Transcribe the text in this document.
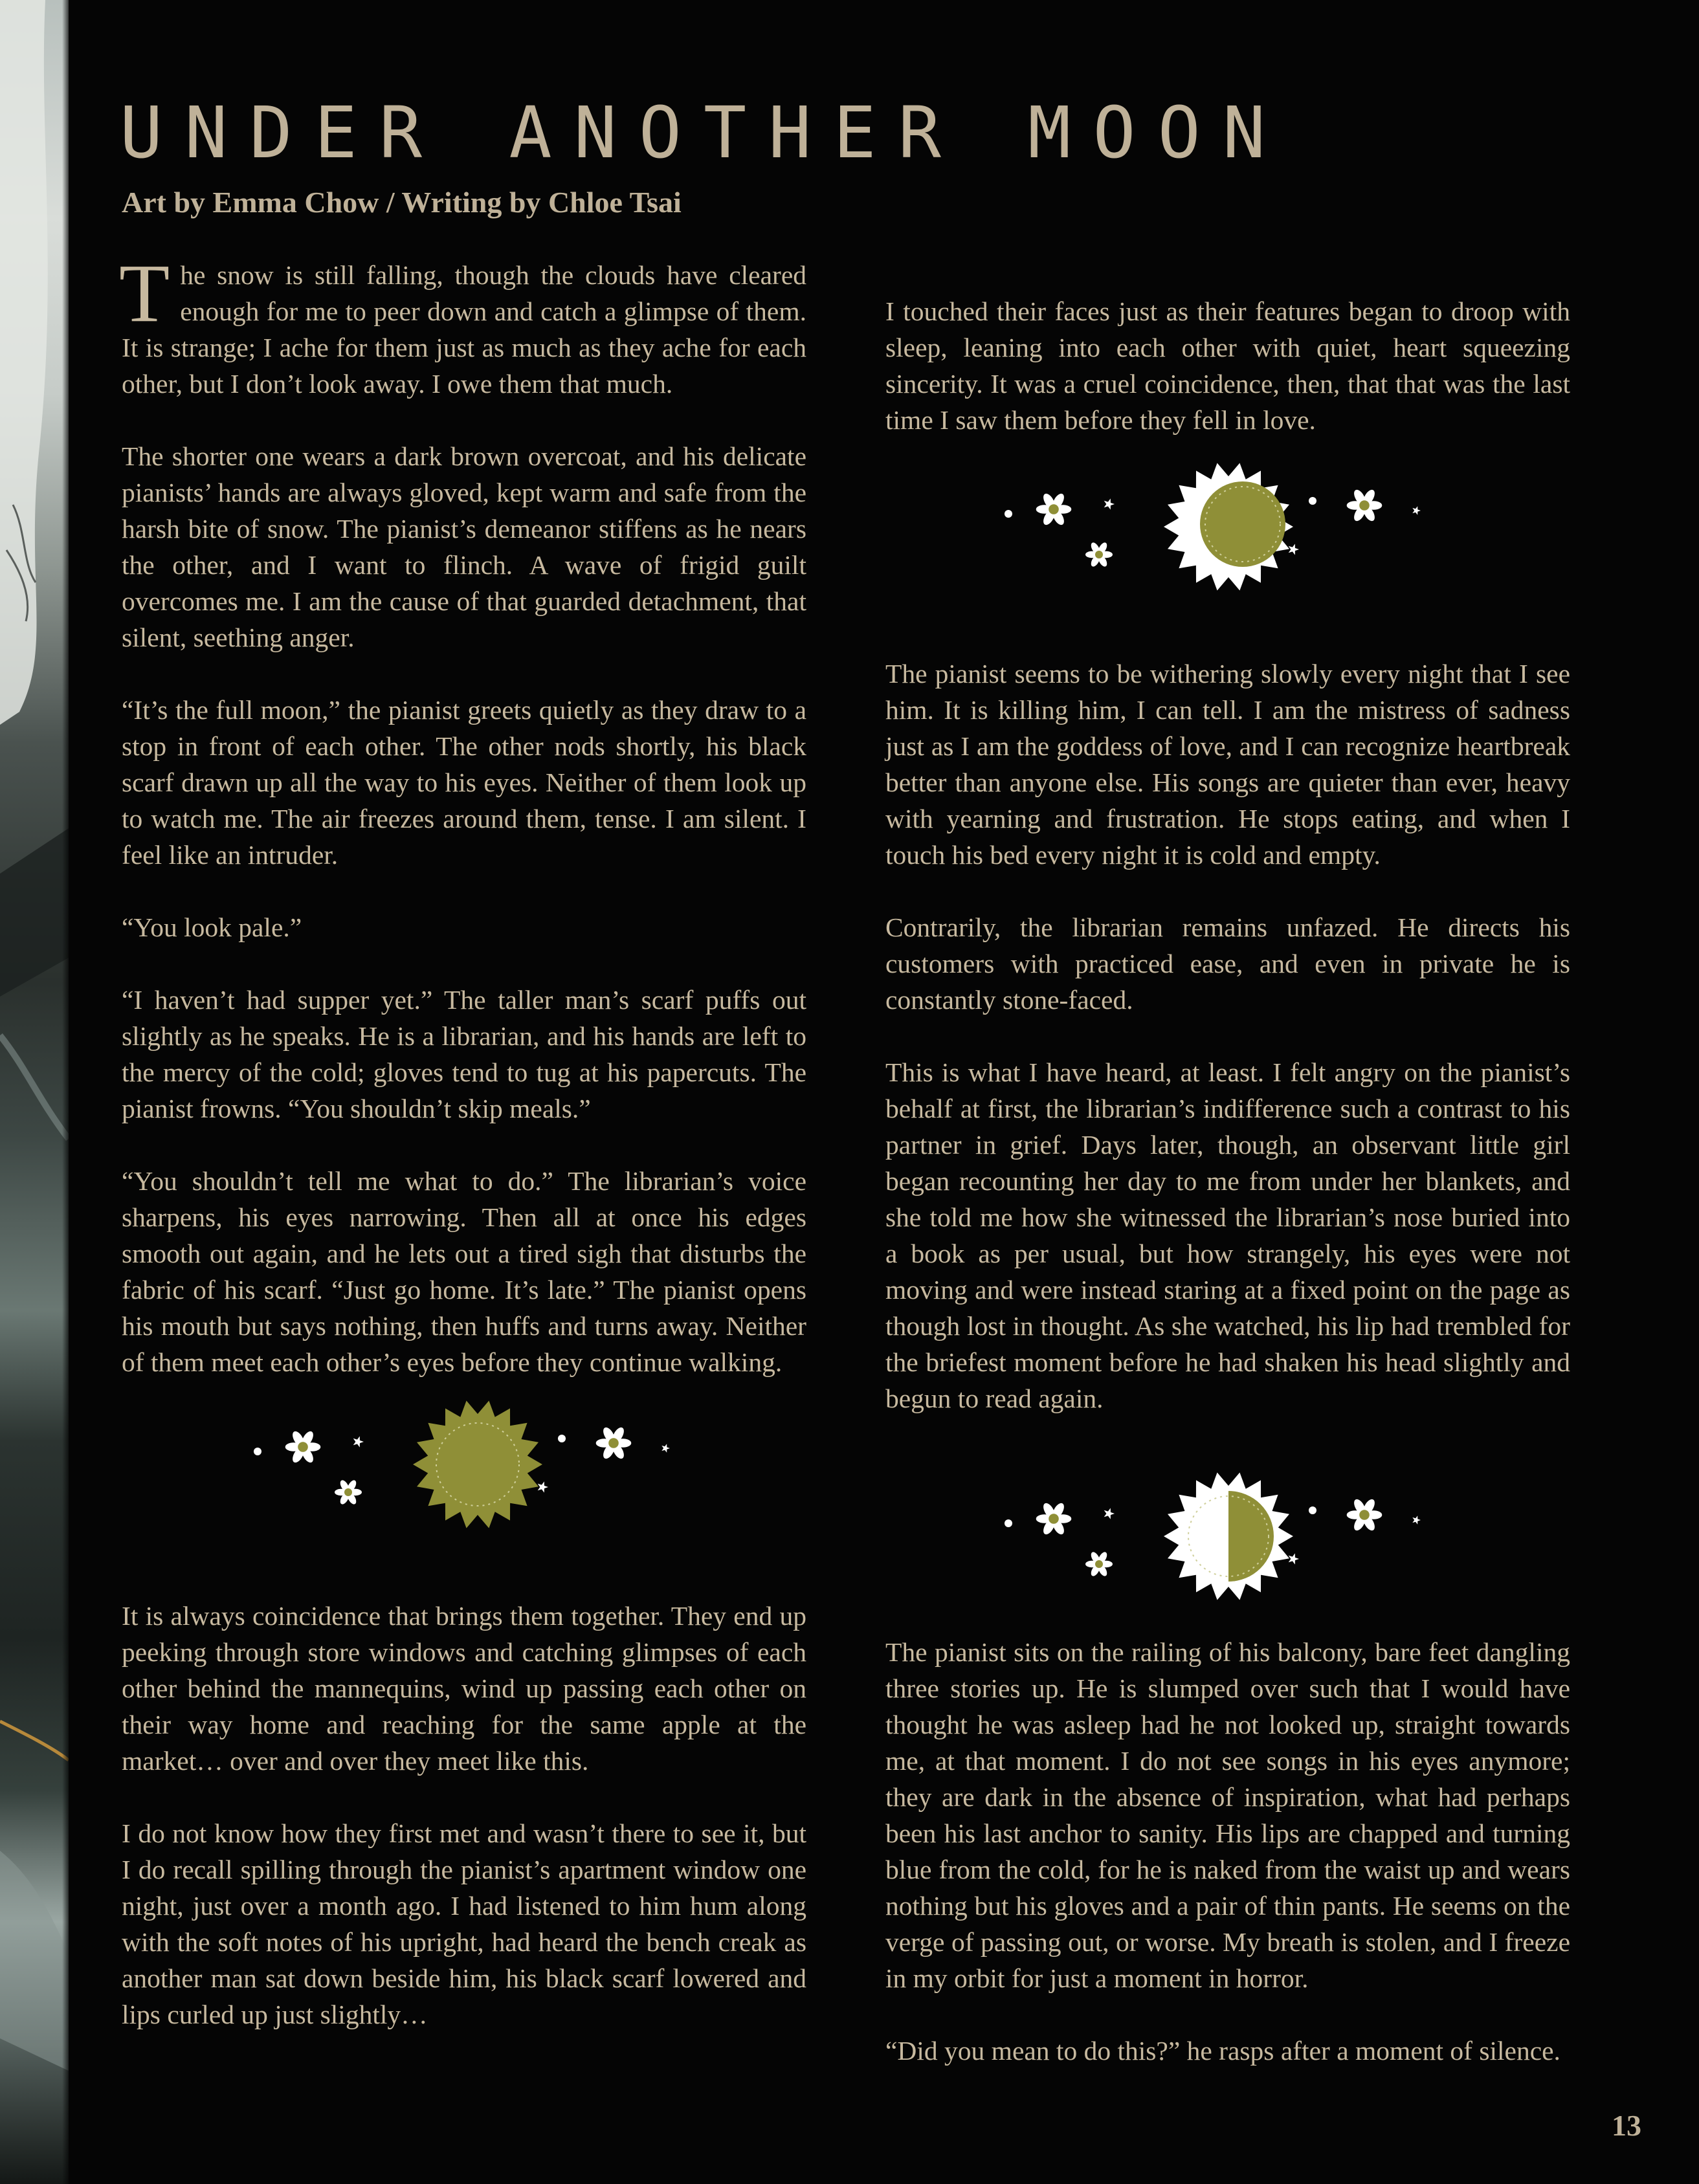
UNDER ANOTHER MOON
Art by Emma Chow / Writing by Chloe Tsai

The snow is still falling, though the clouds have cleared enough for me to peer down and catch a glimpse of them. It is strange; I ache for them just as much as they ache for each other, but I don’t look away. I owe them that much.

The shorter one wears a dark brown overcoat, and his delicate pianists’ hands are always gloved, kept warm and safe from the harsh bite of snow. The pianist’s demeanor stiffens as he nears the other, and I want to flinch. A wave of frigid guilt overcomes me. I am the cause of that guarded detachment, that silent, seething anger.

“It’s the full moon,” the pianist greets quietly as they draw to a stop in front of each other. The other nods shortly, his black scarf drawn up all the way to his eyes. Neither of them look up to watch me. The air freezes around them, tense. I am silent. I feel like an intruder.

“You look pale.”

“I haven’t had supper yet.” The taller man’s scarf puffs out slightly as he speaks. He is a librarian, and his hands are left to the mercy of the cold; gloves tend to tug at his papercuts. The pianist frowns. “You shouldn’t skip meals.”

“You shouldn’t tell me what to do.” The librarian’s voice sharpens, his eyes narrowing. Then all at once his edges smooth out again, and he lets out a tired sigh that disturbs the fabric of his scarf. “Just go home. It’s late.” The pianist opens his mouth but says nothing, then huffs and turns away. Neither of them meet each other’s eyes before they continue walking.

It is always coincidence that brings them together. They end up peeking through store windows and catching glimpses of each other behind the mannequins, wind up passing each other on their way home and reaching for the same apple at the market… over and over they meet like this.

I do not know how they first met and wasn’t there to see it, but I do recall spilling through the pianist’s apartment window one night, just over a month ago. I had listened to him hum along with the soft notes of his upright, had heard the bench creak as another man sat down beside him, his black scarf lowered and lips curled up just slightly…

I touched their faces just as their features began to droop with sleep, leaning into each other with quiet, heart squeezing sincerity. It was a cruel coincidence, then, that that was the last time I saw them before they fell in love.

The pianist seems to be withering slowly every night that I see him. It is killing him, I can tell. I am the mistress of sadness just as I am the goddess of love, and I can recognize heartbreak better than anyone else. His songs are quieter than ever, heavy with yearning and frustration. He stops eating, and when I touch his bed every night it is cold and empty.

Contrarily, the librarian remains unfazed. He directs his customers with practiced ease, and even in private he is constantly stone-faced.

This is what I have heard, at least. I felt angry on the pianist’s behalf at first, the librarian’s indifference such a contrast to his partner in grief. Days later, though, an observant little girl began recounting her day to me from under her blankets, and she told me how she witnessed the librarian’s nose buried into a book as per usual, but how strangely, his eyes were not moving and were instead staring at a fixed point on the page as though lost in thought. As she watched, his lip had trembled for the briefest moment before he had shaken his head slightly and begun to read again.

The pianist sits on the railing of his balcony, bare feet dangling three stories up. He is slumped over such that I would have thought he was asleep had he not looked up, straight towards me, at that moment. I do not see songs in his eyes anymore; they are dark in the absence of inspiration, what had perhaps been his last anchor to sanity. His lips are chapped and turning blue from the cold, for he is naked from the waist up and wears nothing but his gloves and a pair of thin pants. He seems on the verge of passing out, or worse. My breath is stolen, and I freeze in my orbit for just a moment in horror.

“Did you mean to do this?” he rasps after a moment of silence.

13
